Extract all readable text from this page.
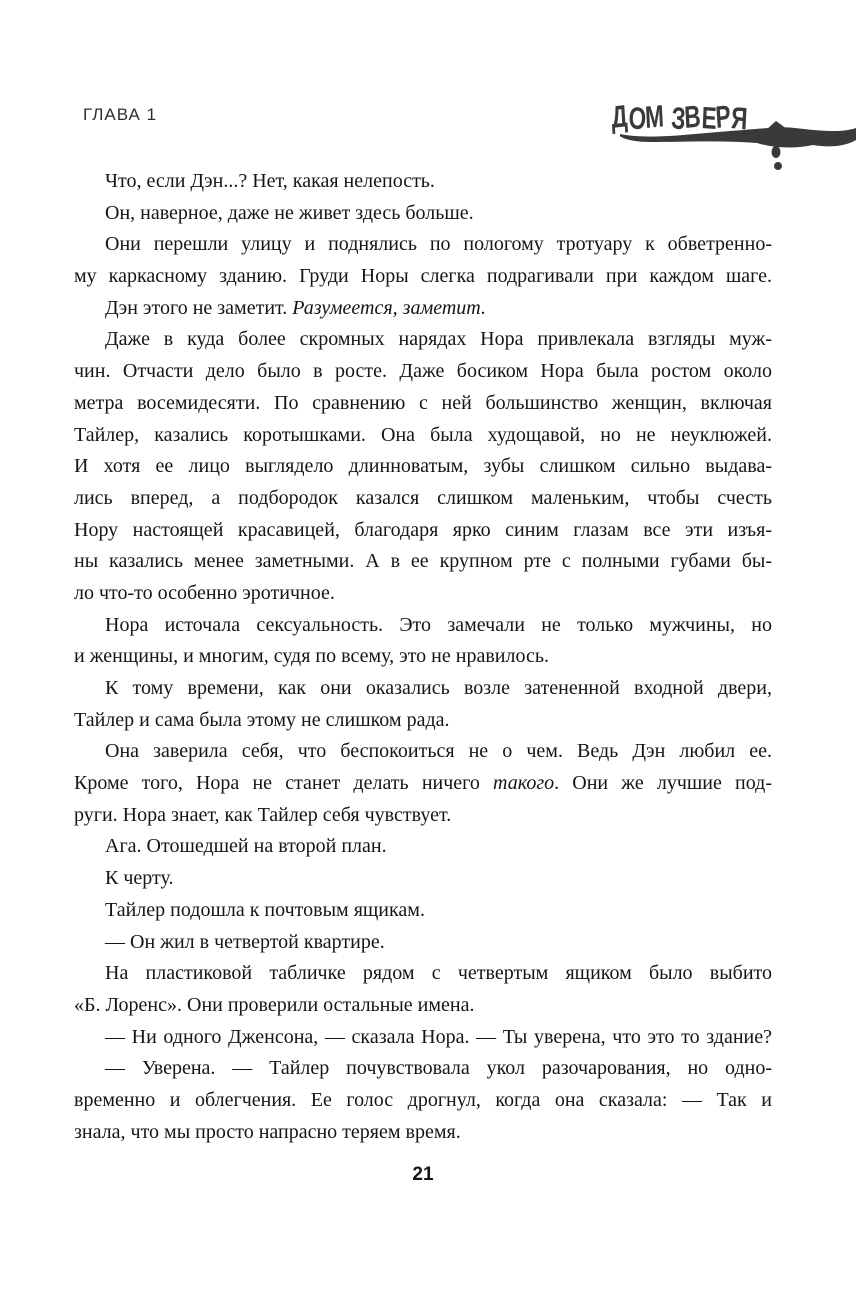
ГЛАВА 1	ДОМ ЗВЕРЯ
Что, если Дэн...? Нет, какая нелепость.
Он, наверное, даже не живет здесь больше.
Они перешли улицу и поднялись по пологому тротуару к обветренно-
му каркасному зданию. Груди Норы слегка подрагивали при каждом шаге.
Дэн этого не заметит. Разумеется, заметит.
Даже в куда более скромных нарядах Нора привлекала взгляды муж-
чин. Отчасти дело было в росте. Даже босиком Нора была ростом около
метра восемидесяти. По сравнению с ней большинство женщин, включая
Тайлер, казались коротышками. Она была худощавой, но не неуклюжей.
И хотя ее лицо выглядело длинноватым, зубы слишком сильно выдава-
лись вперед, а подбородок казался слишком маленьким, чтобы счесть
Нору настоящей красавицей, благодаря ярко синим глазам все эти изъя-
ны казались менее заметными. А в ее крупном рте с полными губами бы-
ло что-то особенно эротичное.
Нора источала сексуальность. Это замечали не только мужчины, но
и женщины, и многим, судя по всему, это не нравилось.
К тому времени, как они оказались возле затененной входной двери,
Тайлер и сама была этому не слишком рада.
Она заверила себя, что беспокоиться не о чем. Ведь Дэн любил ее.
Кроме того, Нора не станет делать ничего такого. Они же лучшие под-
руги. Нора знает, как Тайлер себя чувствует.
Ага. Отошедшей на второй план.
К черту.
Тайлер подошла к почтовым ящикам.
— Он жил в четвертой квартире.
На пластиковой табличке рядом с четвертым ящиком было выбито
«Б. Лоренс». Они проверили остальные имена.
— Ни одного Дженсона, — сказала Нора. — Ты уверена, что это то здание?
— Уверена. — Тайлер почувствовала укол разочарования, но одно-
временно и облегчения. Ее голос дрогнул, когда она сказала: — Так и
знала, что мы просто напрасно теряем время.
21
